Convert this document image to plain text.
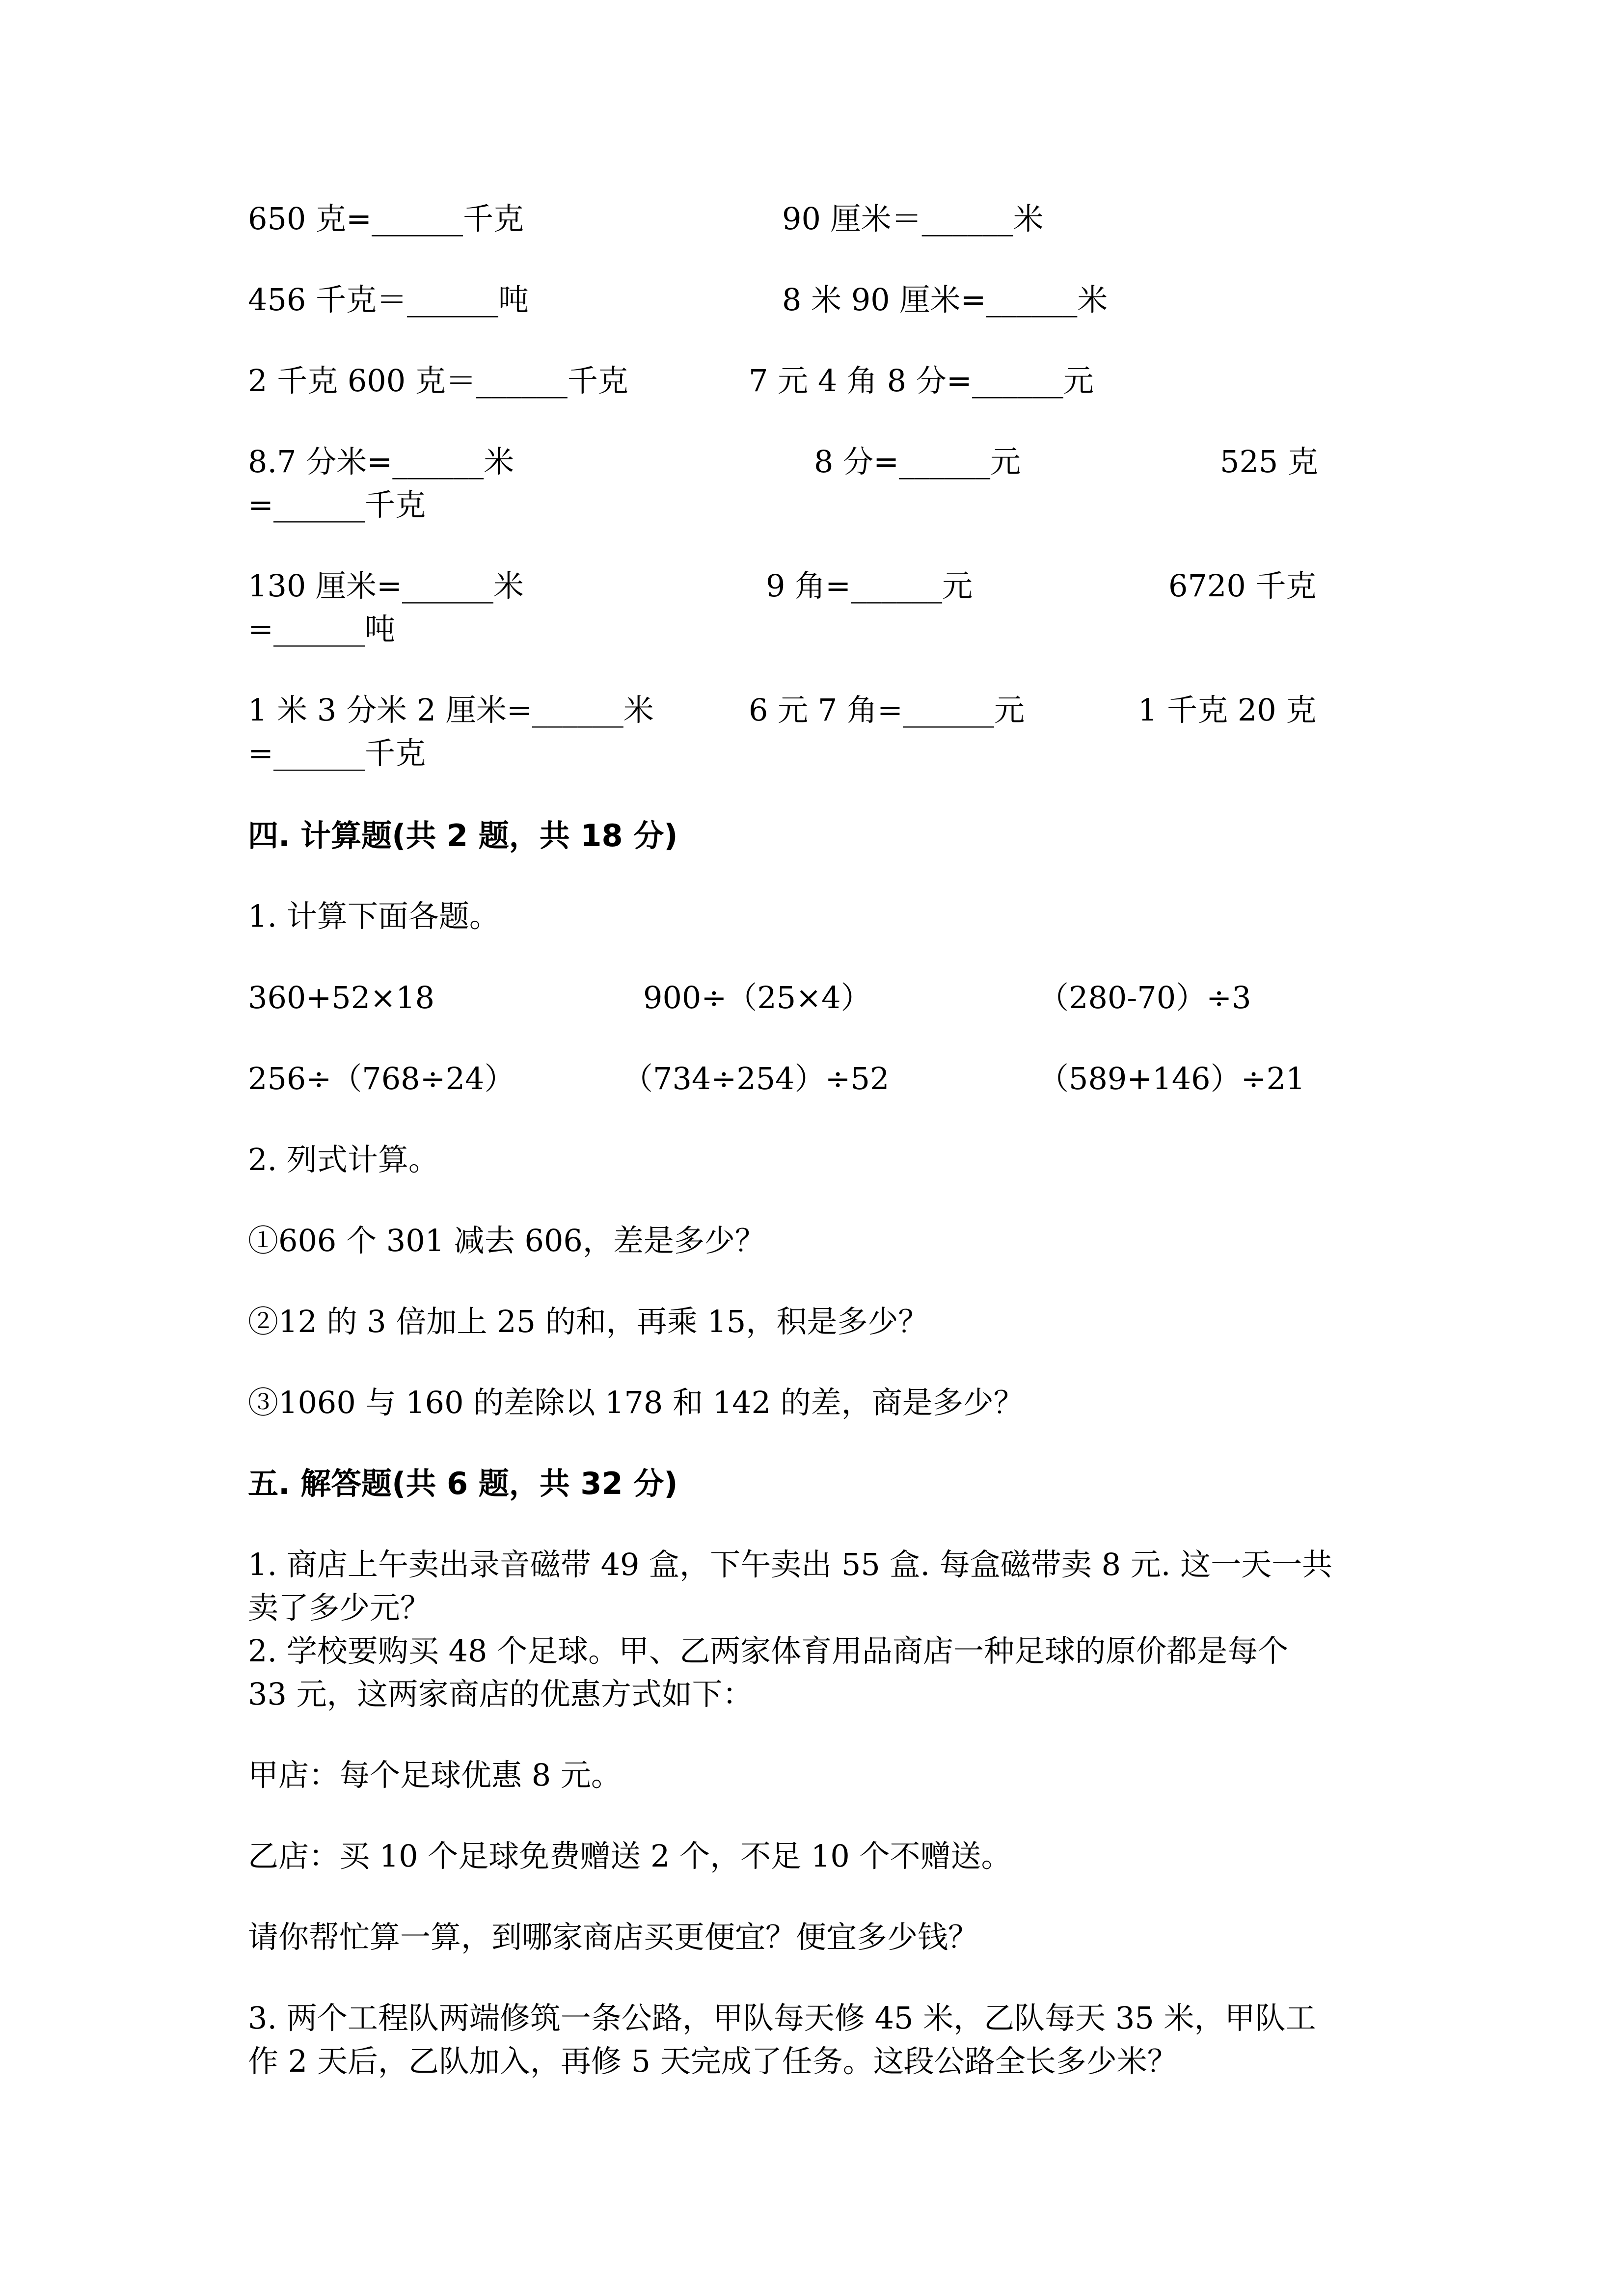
650 克=______千克	90 厘米＝______米
456 千克＝______吨	8 米 90 厘米=______米
2 千克 600 克＝______千克	7 元 4 角 8 分=______元
8.7 分米=______米	8 分=______元	525 克
=______千克
130 厘米=______米	9 角=______元	6720 千克
=______吨
1 米 3 分米 2 厘米=______米	6 元 7 角=______元	1 千克 20 克
=______千克
四. 计算题(共 2 题，共 18 分)
1. 计算下面各题。
360+52×18	900÷（25×4）	（280-70）÷3
256÷（768÷24）	（734÷254）÷52	（589+146）÷21
2. 列式计算。
①606 个 301 减去 606，差是多少？
②12 的 3 倍加上 25 的和，再乘 15，积是多少？
③1060 与 160 的差除以 178 和 142 的差，商是多少？
五. 解答题(共 6 题，共 32 分)
1. 商店上午卖出录音磁带 49 盒，下午卖出 55 盒. 每盒磁带卖 8 元. 这一天一共
卖了多少元？
2. 学校要购买 48 个足球。甲、乙两家体育用品商店一种足球的原价都是每个
33 元，这两家商店的优惠方式如下：
甲店：每个足球优惠 8 元。
乙店：买 10 个足球免费赠送 2 个，不足 10 个不赠送。
请你帮忙算一算，到哪家商店买更便宜？便宜多少钱？
3. 两个工程队两端修筑一条公路，甲队每天修 45 米，乙队每天 35 米，甲队工
作 2 天后，乙队加入，再修 5 天完成了任务。这段公路全长多少米？
